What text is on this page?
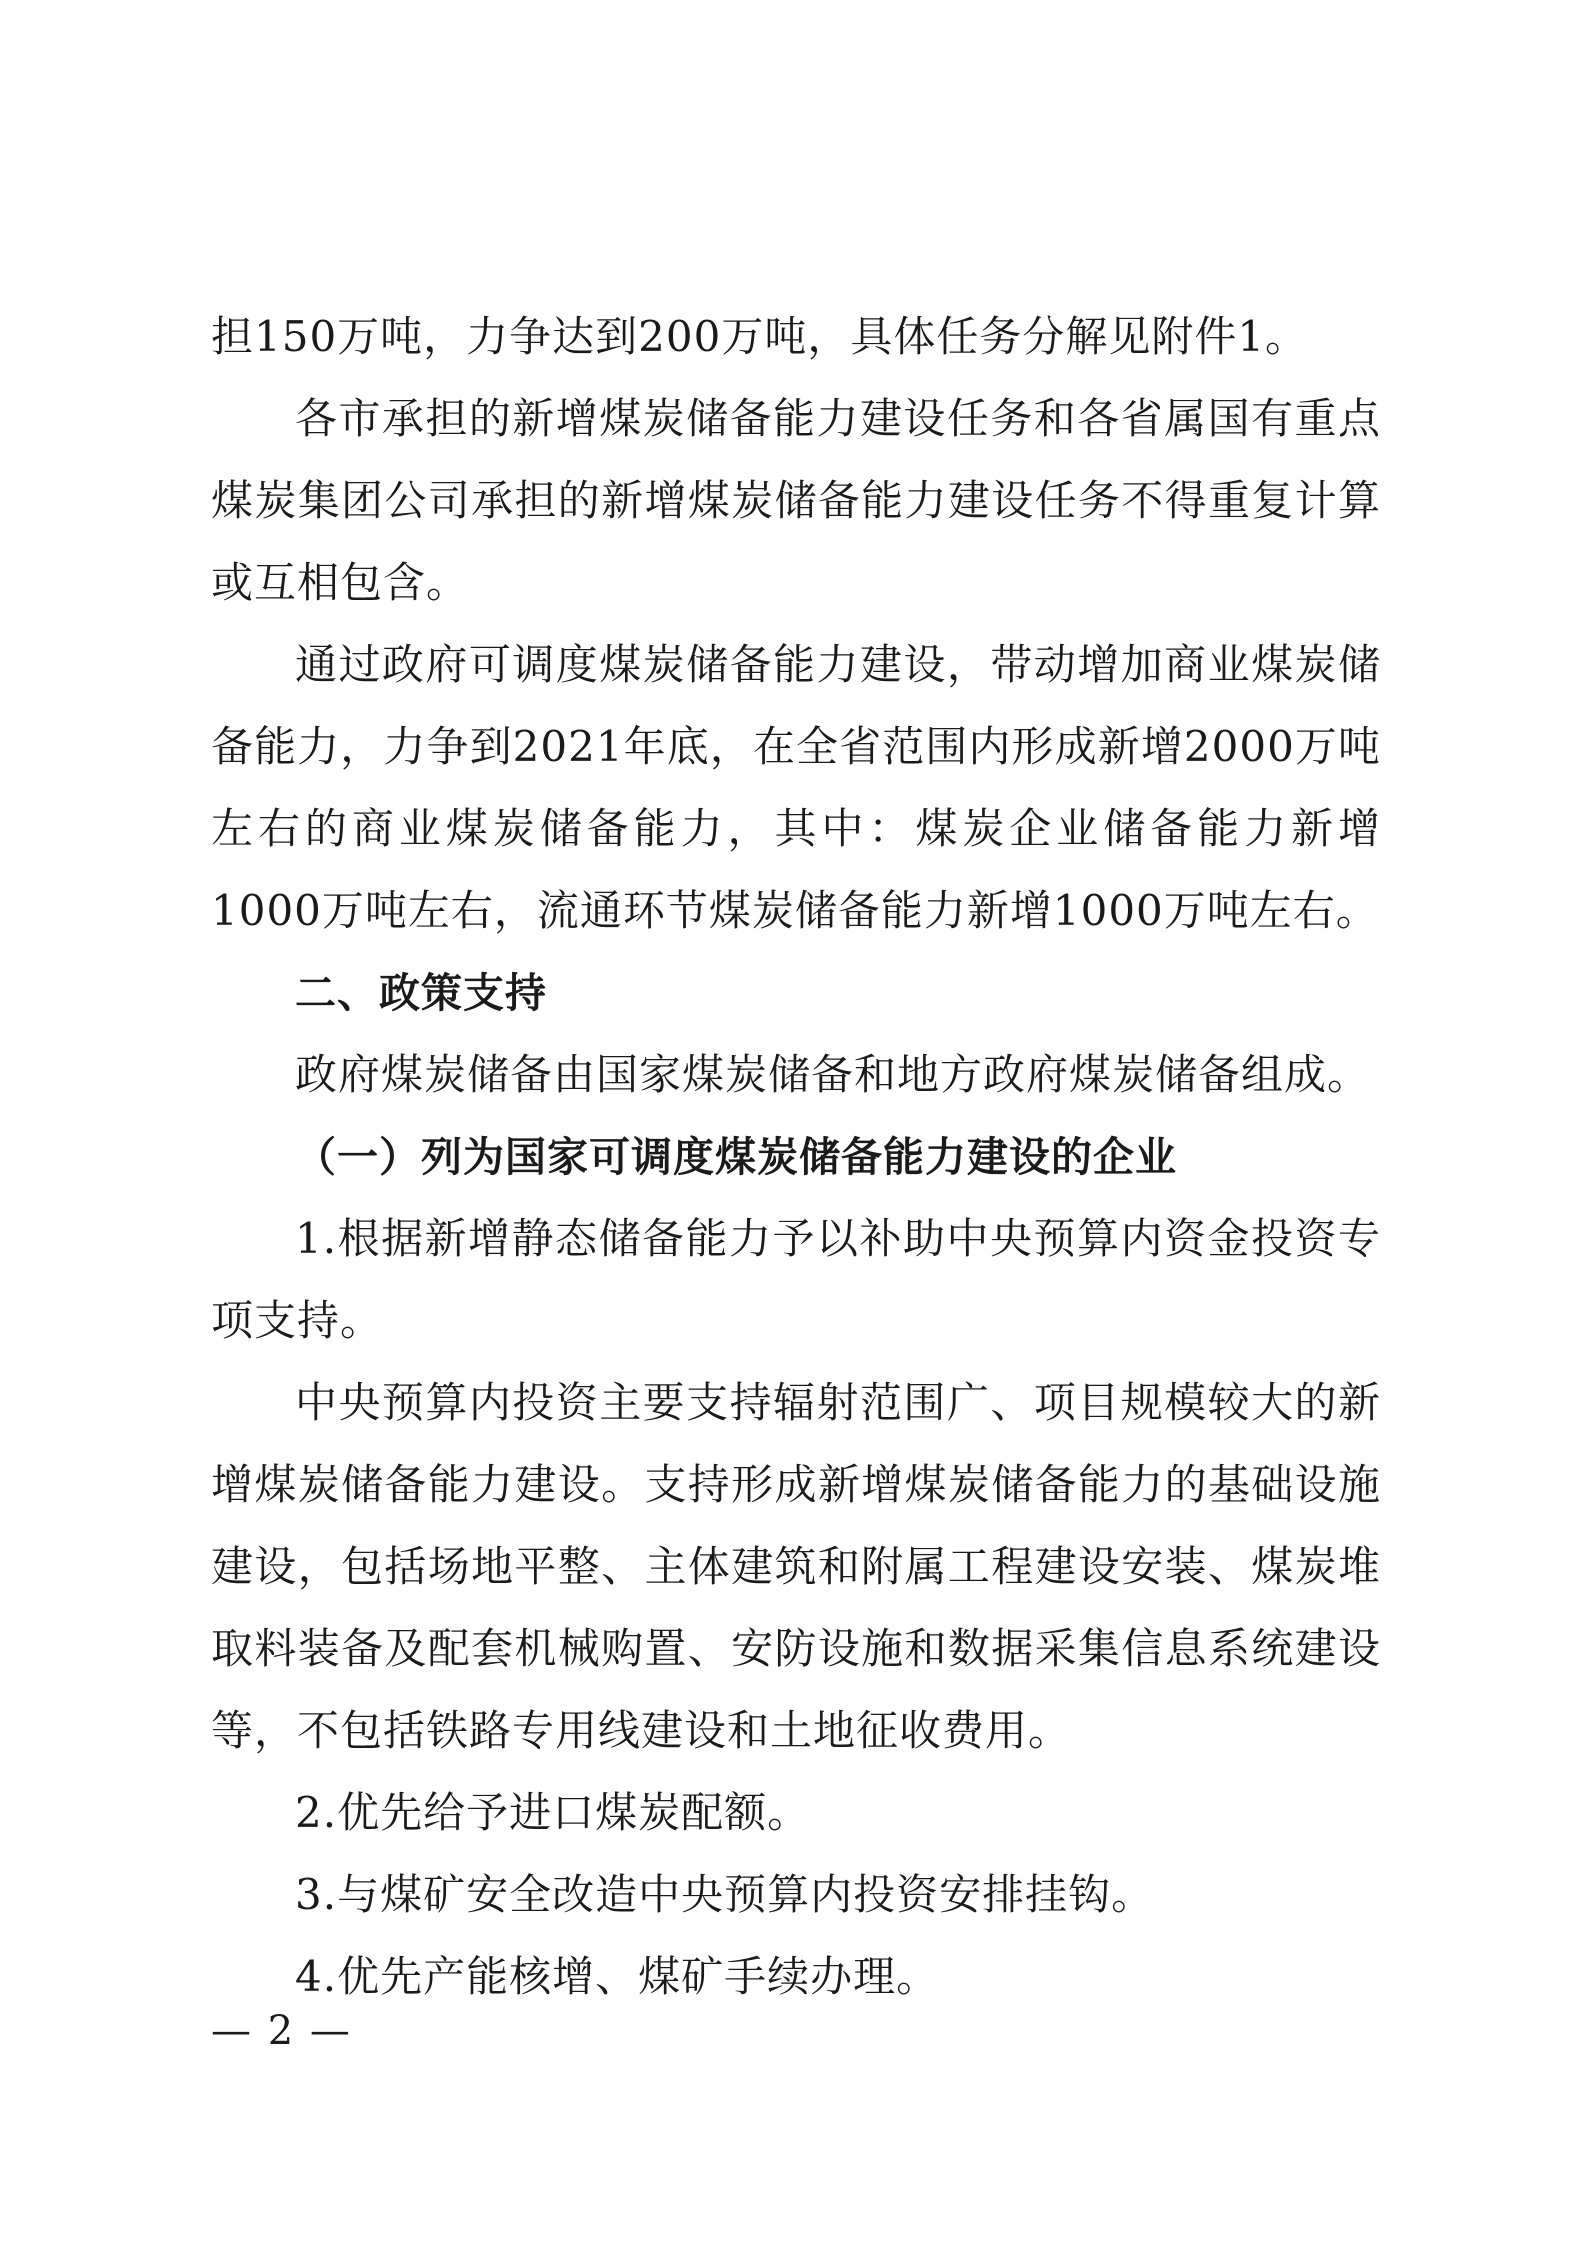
担150万吨，力争达到200万吨，具体任务分解见附件1。

各市承担的新增煤炭储备能力建设任务和各省属国有重点煤炭集团公司承担的新增煤炭储备能力建设任务不得重复计算或互相包含。

通过政府可调度煤炭储备能力建设，带动增加商业煤炭储备能力，力争到2021年底，在全省范围内形成新增2000万吨左右的商业煤炭储备能力，其中：煤炭企业储备能力新增1000万吨左右，流通环节煤炭储备能力新增1000万吨左右。

二、政策支持

政府煤炭储备由国家煤炭储备和地方政府煤炭储备组成。

（一）列为国家可调度煤炭储备能力建设的企业

1.根据新增静态储备能力予以补助中央预算内资金投资专项支持。

中央预算内投资主要支持辐射范围广、项目规模较大的新增煤炭储备能力建设。支持形成新增煤炭储备能力的基础设施建设，包括场地平整、主体建筑和附属工程建设安装、煤炭堆取料装备及配套机械购置、安防设施和数据采集信息系统建设等，不包括铁路专用线建设和土地征收费用。

2.优先给予进口煤炭配额。

3.与煤矿安全改造中央预算内投资安排挂钩。

4.优先产能核增、煤矿手续办理。

— 2 —
